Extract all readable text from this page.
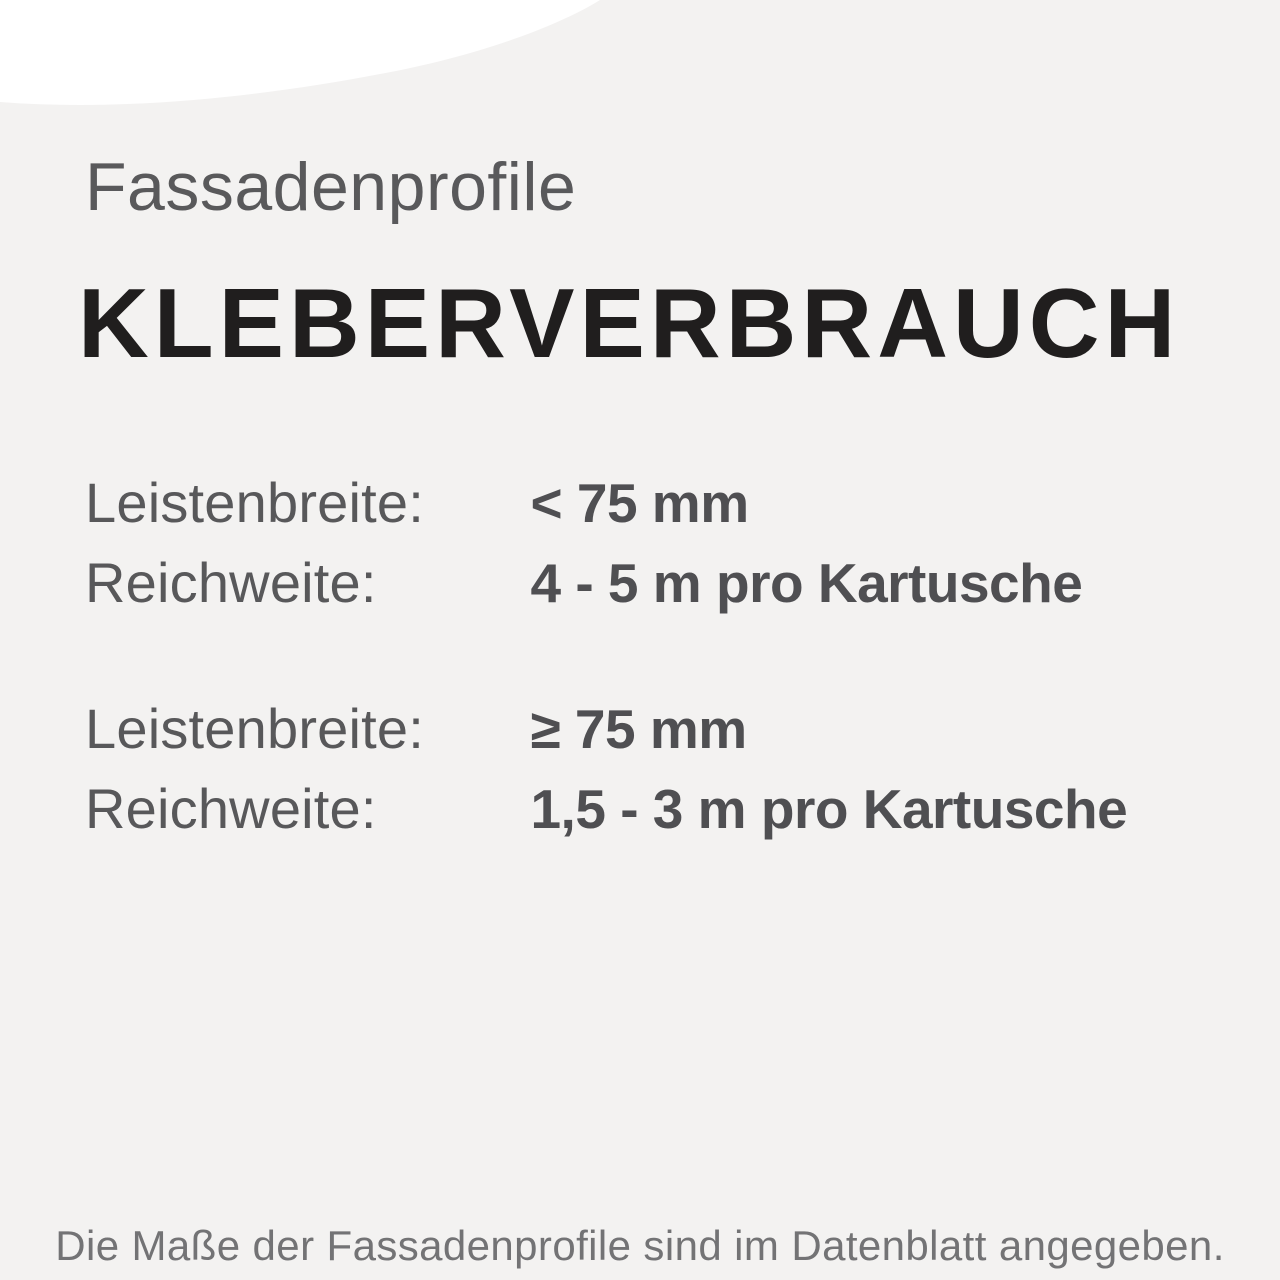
Fassadenprofile
KLEBERVERBRAUCH
Leistenbreite: < 75 mm
Reichweite:	4 - 5 m pro Kartusche
Leistenbreite: ≥ 75 mm
Reichweite:	1,5 - 3 m pro Kartusche
Die Maße der Fassadenprofile sind im Datenblatt angegeben.
